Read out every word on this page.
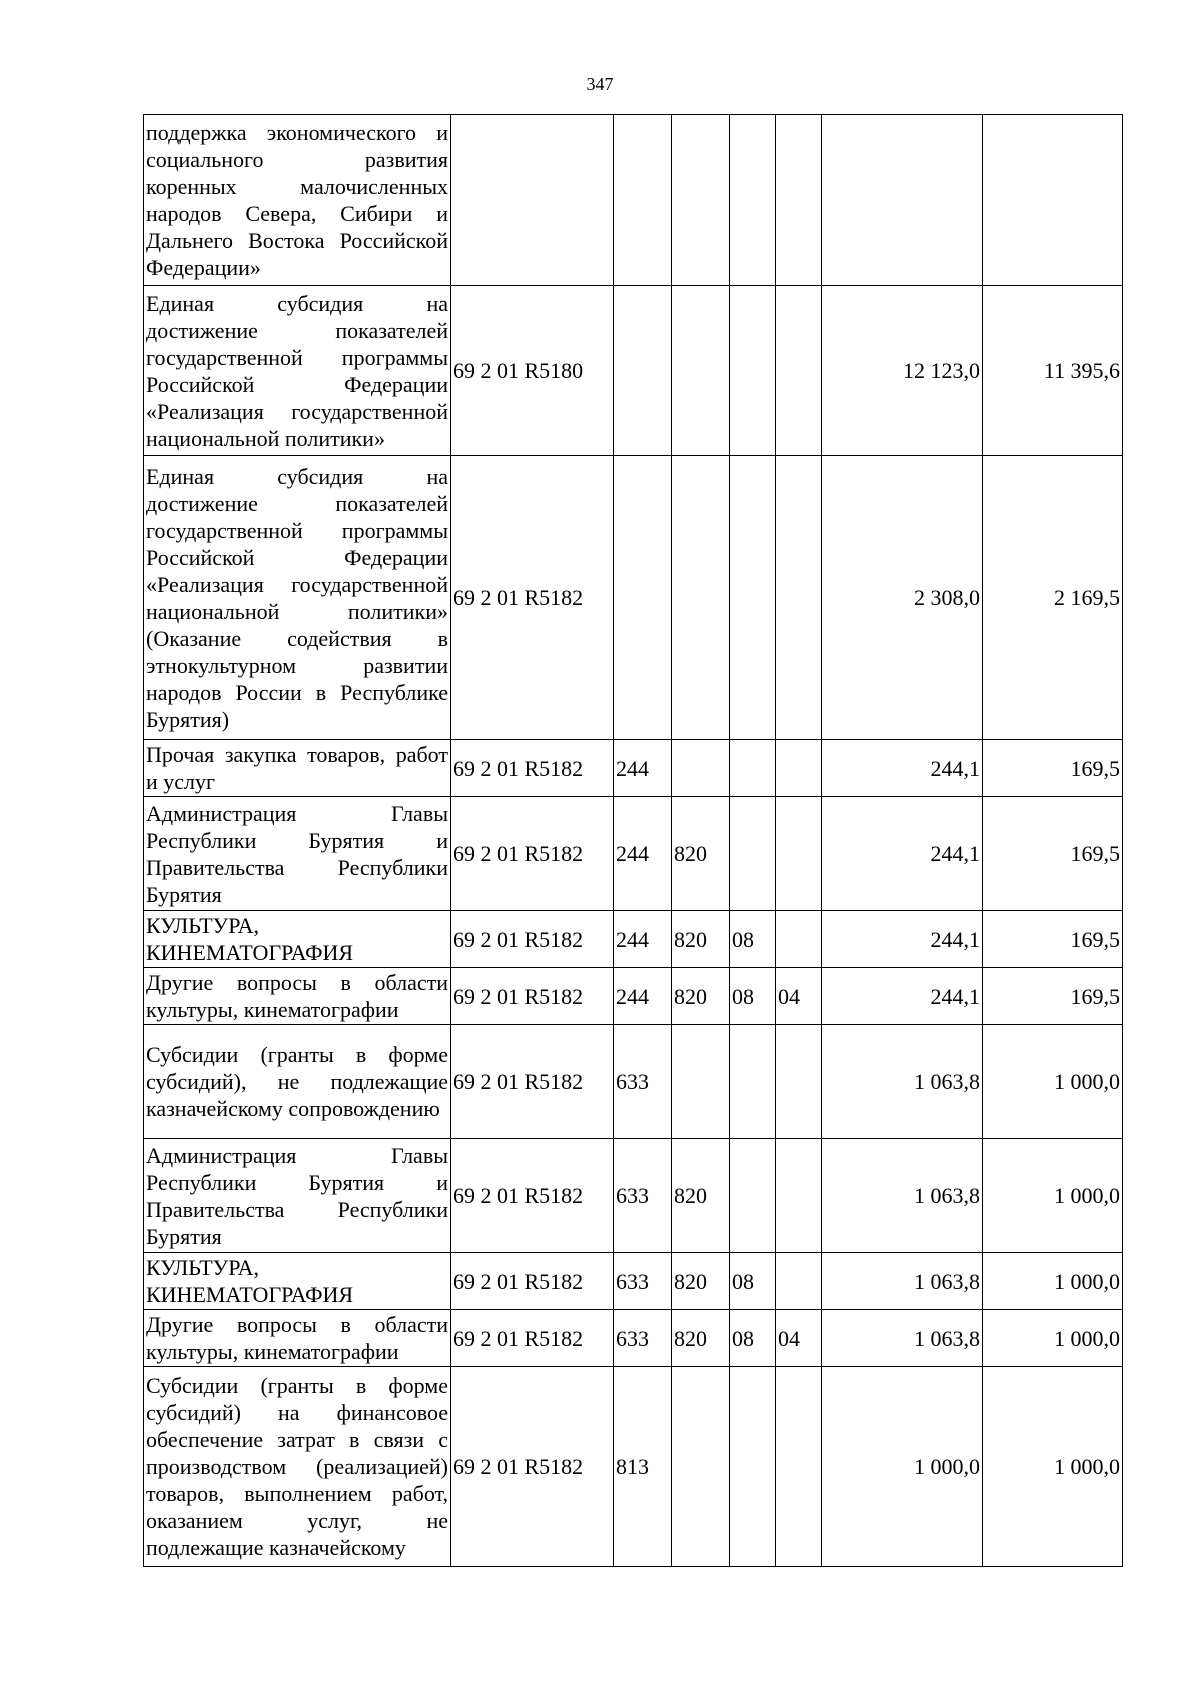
347
поддержка экономического и социального развития коренных малочисленных народов Севера, Сибири и Дальнего Востока Российской Федерации»							
Единая субсидия на достижение показателей государственной программы Российской Федерации «Реализация государственной национальной политики»	69 2 01 R5180					12 123,0	11 395,6
Единая субсидия на достижение показателей государственной программы Российской Федерации «Реализация государственной национальной политики» (Оказание содействия в этнокультурном развитии народов России в Республике Бурятия)	69 2 01 R5182					2 308,0	2 169,5
Прочая закупка товаров, работ и услуг	69 2 01 R5182	244				244,1	169,5
Администрация Главы Республики Бурятия и Правительства Республики Бурятия	69 2 01 R5182	244	820			244,1	169,5
КУЛЬТУРА, КИНЕМАТОГРАФИЯ	69 2 01 R5182	244	820	08		244,1	169,5
Другие вопросы в области культуры, кинематографии	69 2 01 R5182	244	820	08	04	244,1	169,5
Субсидии (гранты в форме субсидий), не подлежащие казначейскому сопровождению	69 2 01 R5182	633				1 063,8	1 000,0
Администрация Главы Республики Бурятия и Правительства Республики Бурятия	69 2 01 R5182	633	820			1 063,8	1 000,0
КУЛЬТУРА, КИНЕМАТОГРАФИЯ	69 2 01 R5182	633	820	08		1 063,8	1 000,0
Другие вопросы в области культуры, кинематографии	69 2 01 R5182	633	820	08	04	1 063,8	1 000,0
Субсидии (гранты в форме субсидий) на финансовое обеспечение затрат в связи с производством (реализацией) товаров, выполнением работ, оказанием услуг, не подлежащие казначейскому	69 2 01 R5182	813				1 000,0	1 000,0
